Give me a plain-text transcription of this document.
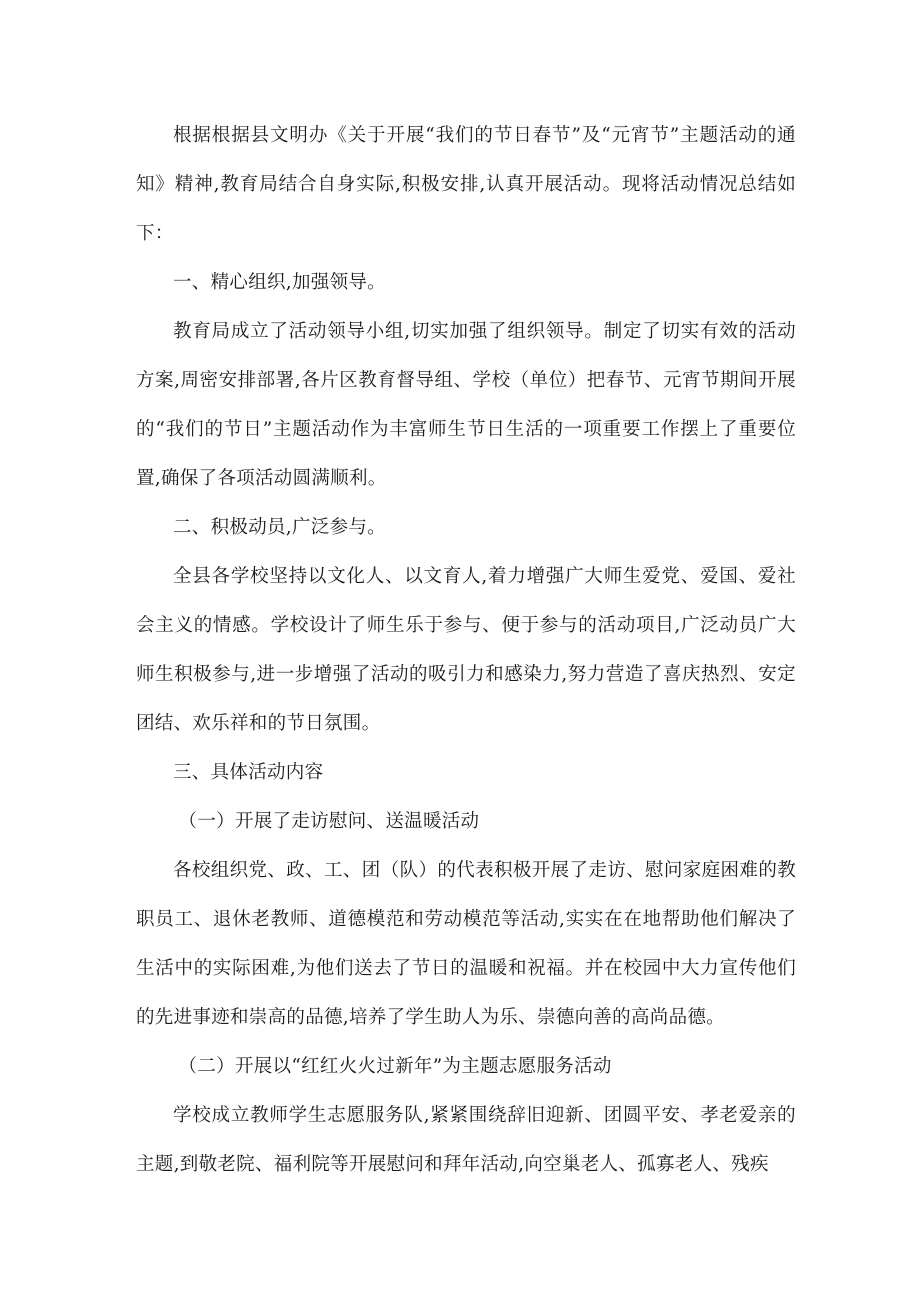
根据根据县文明办《关于开展“我们的节日春节”及“元宵节”主题活动的通知》精神,教育局结合自身实际,积极安排,认真开展活动。现将活动情况总结如下：

一、精心组织,加强领导。

教育局成立了活动领导小组,切实加强了组织领导。制定了切实有效的活动方案,周密安排部署,各片区教育督导组、学校（单位）把春节、元宵节期间开展的“我们的节日”主题活动作为丰富师生节日生活的一项重要工作摆上了重要位置,确保了各项活动圆满顺利。

二、积极动员,广泛参与。

全县各学校坚持以文化人、以文育人,着力增强广大师生爱党、爱国、爱社会主义的情感。学校设计了师生乐于参与、便于参与的活动项目,广泛动员广大师生积极参与,进一步增强了活动的吸引力和感染力,努力营造了喜庆热烈、安定团结、欢乐祥和的节日氛围。

三、具体活动内容

（一）开展了走访慰问、送温暖活动

各校组织党、政、工、团（队）的代表积极开展了走访、慰问家庭困难的教职员工、退休老教师、道德模范和劳动模范等活动,实实在在地帮助他们解决了生活中的实际困难,为他们送去了节日的温暖和祝福。并在校园中大力宣传他们的先进事迹和崇高的品德,培养了学生助人为乐、崇德向善的高尚品德。

（二）开展以“红红火火过新年”为主题志愿服务活动

学校成立教师学生志愿服务队,紧紧围绕辞旧迎新、团圆平安、孝老爱亲的主题,到敬老院、福利院等开展慰问和拜年活动,向空巢老人、孤寡老人、残疾
